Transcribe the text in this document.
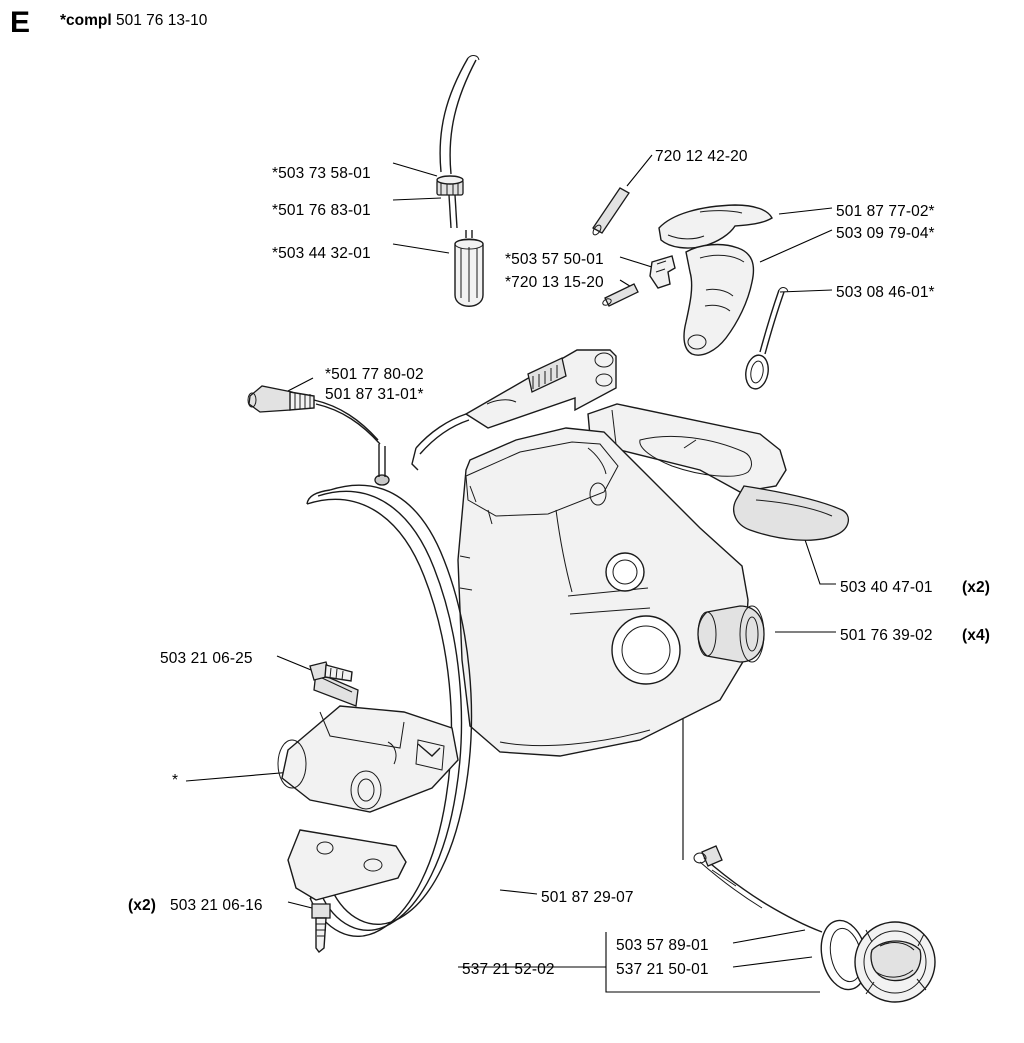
E *compl 501 76 13-10
*503 73 58-01
*501 76 83-01
*503 44 32-01
720 12 42-20
501 87 77-02*
503 09 79-04*
503 08 46-01*
*503 57 50-01
*720 13 15-20
*501 77 80-02
501 87 31-01*
503 40 47-01 (x2)
501 76 39-02 (x4)
503 21 06-25
*
(x2) 503 21 06-16	501 87 29-07
503 57 89-01
537 21 50-01
537 21 52-02
